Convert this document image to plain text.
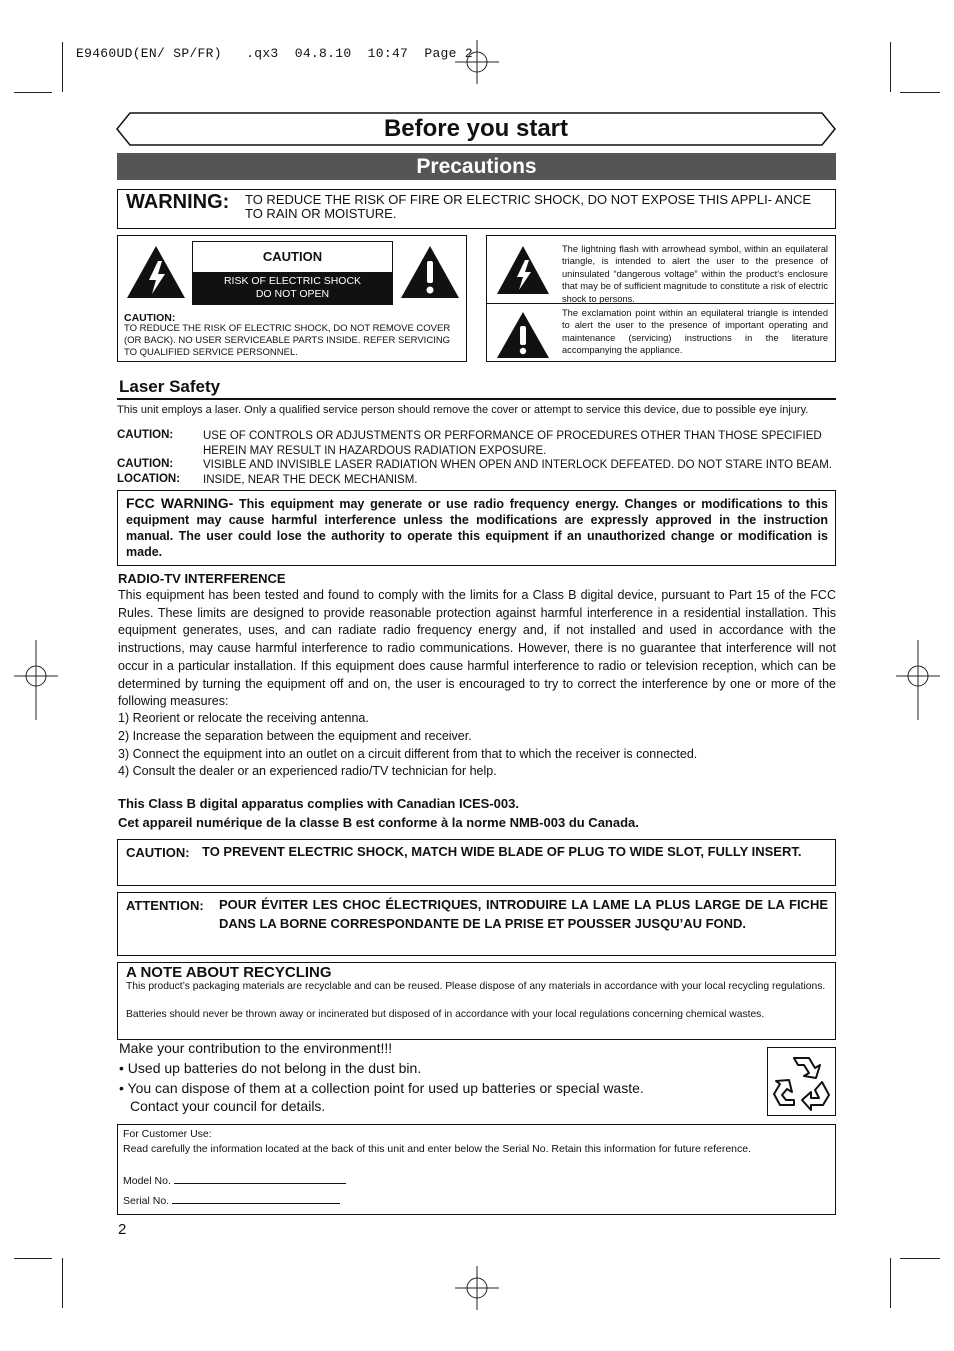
E9460UD(EN/ SP/FR)   .qx3  04.8.10  10:47  Page 2
Before you start
Precautions
WARNING: TO REDUCE THE RISK OF FIRE OR ELECTRIC SHOCK, DO NOT EXPOSE THIS APPLI- ANCE TO RAIN OR MOISTURE.
CAUTION
RISK OF ELECTRIC SHOCK
DO NOT OPEN
CAUTION:
TO REDUCE THE RISK OF ELECTRIC SHOCK, DO NOT REMOVE COVER (OR BACK). NO USER SERVICEABLE PARTS INSIDE. REFER SERVICING TO QUALIFIED SERVICE PERSONNEL.
The lightning flash with arrowhead symbol, within an equilateral triangle, is intended to alert the user to the presence of uninsulated “dangerous voltage” within the product’s enclosure that may be of sufficient magnitude to constitute a risk of electric shock to persons.
The exclamation point within an equilateral triangle is intended to alert the user to the presence of important operating and maintenance (servicing) instructions in the literature accompanying the appliance.
Laser Safety
This unit employs a laser. Only a qualified service person should remove the cover or attempt to service this device, due to possible eye injury.
CAUTION:	USE OF CONTROLS OR ADJUSTMENTS OR PERFORMANCE OF PROCEDURES OTHER THAN THOSE SPECIFIED HEREIN MAY RESULT IN HAZARDOUS RADIATION EXPOSURE.
CAUTION:	VISIBLE AND INVISIBLE LASER RADIATION WHEN OPEN AND INTERLOCK DEFEATED. DO NOT STARE INTO BEAM.
LOCATION: INSIDE, NEAR THE DECK MECHANISM.
FCC WARNING- This equipment may generate or use radio frequency energy. Changes or modifications to this equipment may cause harmful interference unless the modifications are expressly approved in the instruction manual. The user could lose the authority to operate this equipment if an unauthorized change or modification is made.
RADIO-TV INTERFERENCE
This equipment has been tested and found to comply with the limits for a Class B digital device, pursuant to Part 15 of the FCC Rules. These limits are designed to provide reasonable protection against harmful interference in a residential installation. This equipment generates, uses, and can radiate radio frequency energy and, if not installed and used in accordance with the instructions, may cause harmful interference to radio communications. However, there is no guarantee that interference will not occur in a particular installation. If this equipment does cause harmful interference to radio or television reception, which can be determined by turning the equipment off and on, the user is encouraged to try to correct the interference by one or more of the following measures:
1) Reorient or relocate the receiving antenna.
2) Increase the separation between the equipment and receiver.
3) Connect the equipment into an outlet on a circuit different from that to which the receiver is connected.
4) Consult the dealer or an experienced radio/TV technician for help.
This Class B digital apparatus complies with Canadian ICES-003.
Cet appareil numérique de la classe B est conforme à la norme NMB-003 du Canada.
CAUTION: TO PREVENT ELECTRIC SHOCK, MATCH WIDE BLADE OF PLUG TO WIDE SLOT, FULLY INSERT.
ATTENTION: POUR ÉVITER LES CHOC ÉLECTRIQUES, INTRODUIRE LA LAME LA PLUS LARGE DE LA FICHE DANS LA BORNE CORRESPONDANTE DE LA PRISE ET POUSSER JUSQU’AU FOND.
A NOTE ABOUT RECYCLING
This product’s packaging materials are recyclable and can be reused. Please dispose of any materials in accordance with your local recycling regulations.
Batteries should never be thrown away or incinerated but disposed of in accordance with your local regulations concerning chemical wastes.
Make your contribution to the environment!!!
• Used up batteries do not belong in the dust bin.
• You can dispose of them at a collection point for used up batteries or special waste.
Contact your council for details.
For Customer Use:
Read carefully the information located at the back of this unit and enter below the Serial No. Retain this information for future reference.
Model No.
Serial No.
2
